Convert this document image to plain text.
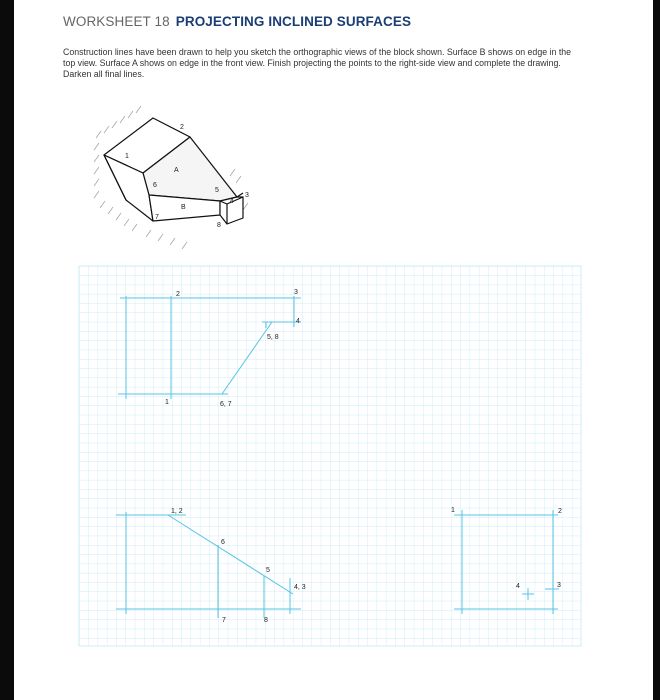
WORKSHEET 18 PROJECTING INCLINED SURFACES

Construction lines have been drawn to help you sketch the orthographic views of the block shown. Surface B shows on edge in the top view. Surface A shows on edge in the front view. Finish projecting the points to the right-side view and complete the drawing. Darken all final lines.

1
2
3
4
5
6
7
8
A
B
2	3
4
5, 8
1	6, 7
1, 2
6
5
4, 3
7	8
1	2
4	3
